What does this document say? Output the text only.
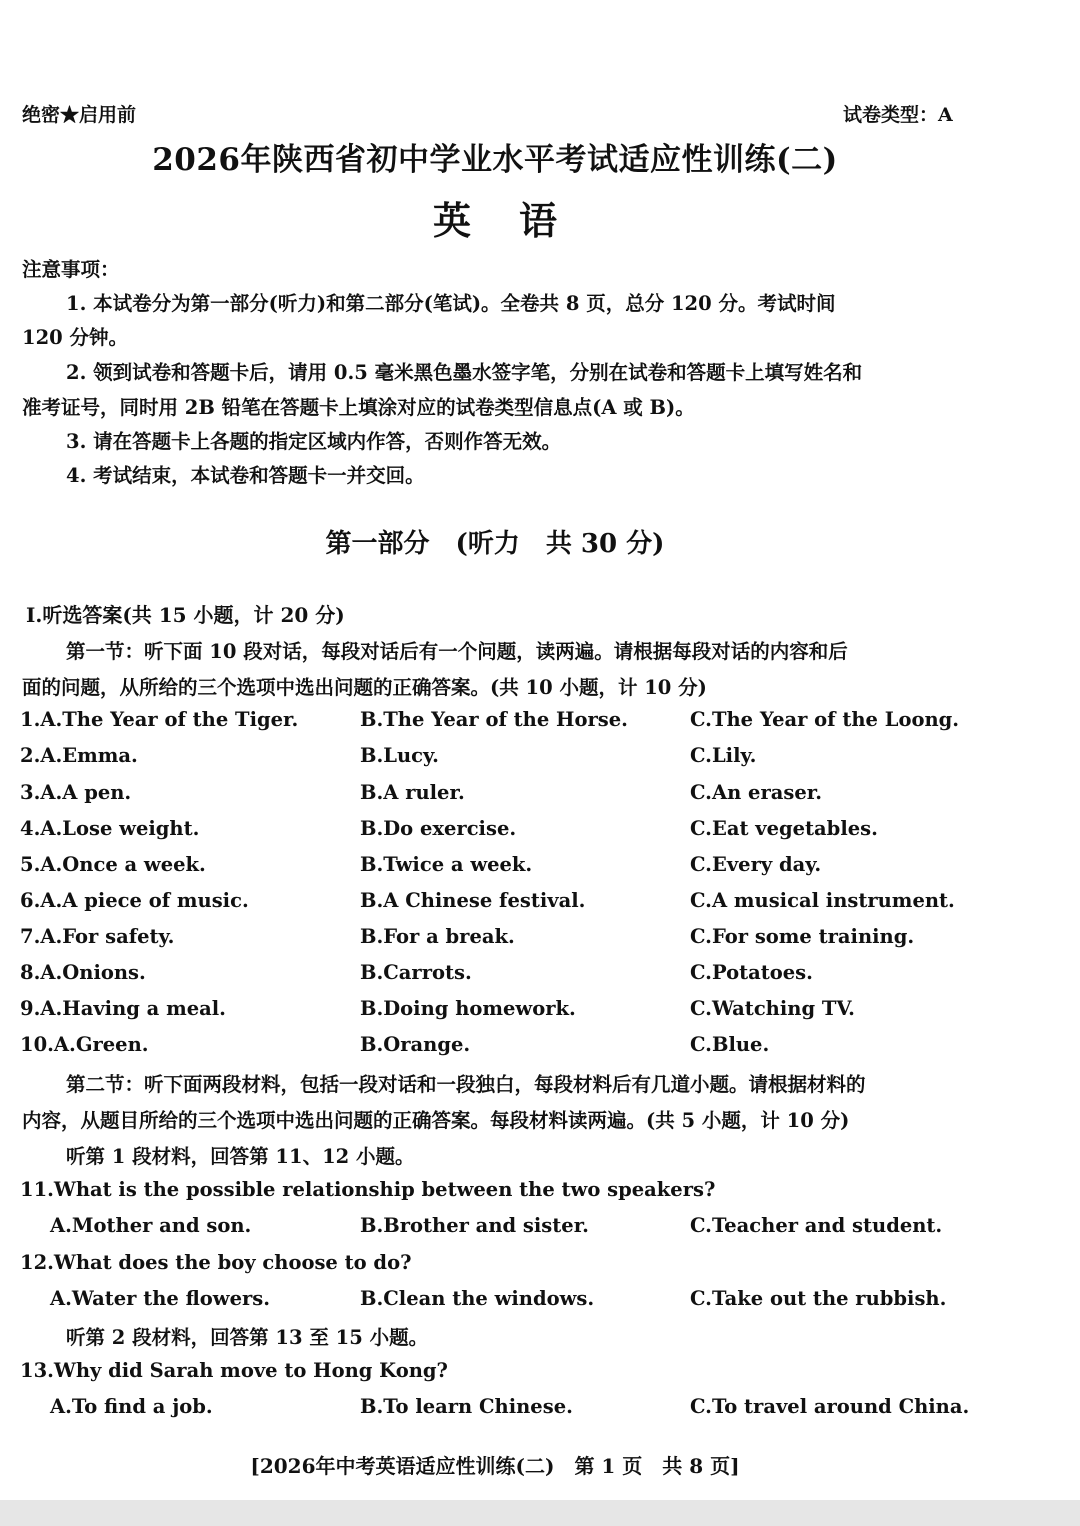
绝密★启用前	试卷类型：A
2026年陕西省初中学业水平考试适应性训练(二)
英语
注意事项：
1. 本试卷分为第一部分(听力)和第二部分(笔试)。全卷共 8 页，总分 120 分。考试时间
120 分钟。
2. 领到试卷和答题卡后，请用 0.5 毫米黑色墨水签字笔，分别在试卷和答题卡上填写姓名和
准考证号，同时用 2B 铅笔在答题卡上填涂对应的试卷类型信息点(A 或 B)。
3. 请在答题卡上各题的指定区域内作答，否则作答无效。
4. 考试结束，本试卷和答题卡一并交回。
第一部分　(听力　共 30 分)
Ⅰ.听选答案(共 15 小题，计 20 分)
第一节：听下面 10 段对话，每段对话后有一个问题，读两遍。请根据每段对话的内容和后
面的问题，从所给的三个选项中选出问题的正确答案。(共 10 小题，计 10 分)
1.A.The Year of the Tiger.	B.The Year of the Horse.	C.The Year of the Loong.
2.A.Emma.	B.Lucy.	C.Lily.
3.A.A pen.	B.A ruler.	C.An eraser.
4.A.Lose weight.	B.Do exercise.	C.Eat vegetables.
5.A.Once a week.	B.Twice a week.	C.Every day.
6.A.A piece of music.	B.A Chinese festival.	C.A musical instrument.
7.A.For safety.	B.For a break.	C.For some training.
8.A.Onions.	B.Carrots.	C.Potatoes.
9.A.Having a meal.	B.Doing homework.	C.Watching TV.
10.A.Green.	B.Orange.	C.Blue.
第二节：听下面两段材料，包括一段对话和一段独白，每段材料后有几道小题。请根据材料的
内容，从题目所给的三个选项中选出问题的正确答案。每段材料读两遍。(共 5 小题，计 10 分)
听第 1 段材料，回答第 11、12 小题。
11.What is the possible relationship between the two speakers?
A.Mother and son.	B.Brother and sister.	C.Teacher and student.
12.What does the boy choose to do?
A.Water the flowers.	B.Clean the windows.	C.Take out the rubbish.
听第 2 段材料，回答第 13 至 15 小题。
13.Why did Sarah move to Hong Kong?
A.To find a job.	B.To learn Chinese.	C.To travel around China.
[2026年中考英语适应性训练(二)　第 1 页　共 8 页]
